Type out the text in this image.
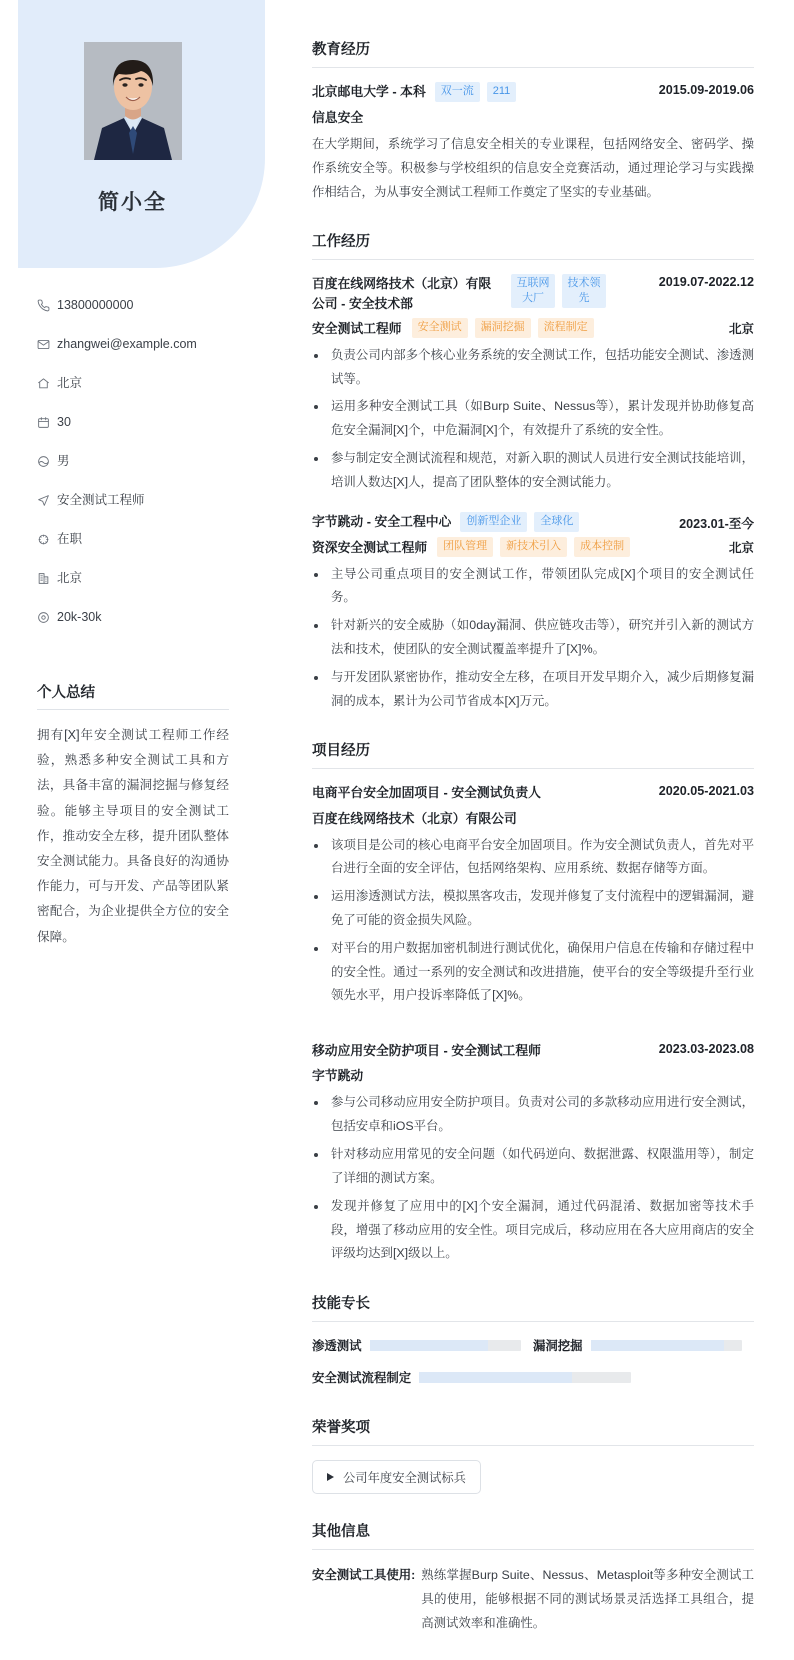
简小全
13800000000
zhangwei@example.com
北京
30
男
安全测试工程师
在职
北京
20k-30k
个人总结

拥有[X]年安全测试工程师工作经验，熟悉多种安全测试工具和方法，具备丰富的漏洞挖掘与修复经验。能够主导项目的安全测试工作，推动安全左移，提升团队整体安全测试能力。具备良好的沟通协作能力，可与开发、产品等团队紧密配合，为企业提供全方位的安全保障。

教育经历
北京邮电大学 - 本科	双一流	211	2015.09-2019.06
信息安全

在大学期间，系统学习了信息安全相关的专业课程，包括网络安全、密码学、操作系统安全等。积极参与学校组织的信息安全竞赛活动，通过理论学习与实践操作相结合，为从事安全测试工程师工作奠定了坚实的专业基础。

工作经历
百度在线网络技术（北京）有限公司 - 安全技术部
互联网大厂
技术领先
2019.07-2022.12
安全测试工程师	安全测试	漏洞挖掘	流程制定	北京
负责公司内部多个核心业务系统的安全测试工作，包括功能安全测试、渗透测试等。
运用多种安全测试工具（如Burp Suite、Nessus等），累计发现并协助修复高危安全漏洞[X]个，中危漏洞[X]个，有效提升了系统的安全性。
参与制定安全测试流程和规范，对新入职的测试人员进行安全测试技能培训，培训人数达[X]人，提高了团队整体的安全测试能力。
字节跳动 - 安全工程中心	创新型企业	全球化	2023.01-至今
资深安全测试工程师	团队管理	新技术引入	成本控制	北京
主导公司重点项目的安全测试工作，带领团队完成[X]个项目的安全测试任务。
针对新兴的安全威胁（如0day漏洞、供应链攻击等），研究并引入新的测试方法和技术，使团队的安全测试覆盖率提升了[X]%。
与开发团队紧密协作，推动安全左移，在项目开发早期介入，减少后期修复漏洞的成本，累计为公司节省成本[X]万元。
项目经历
电商平台安全加固项目 - 安全测试负责人	2020.05-2021.03
百度在线网络技术（北京）有限公司
该项目是公司的核心电商平台安全加固项目。作为安全测试负责人，首先对平台进行全面的安全评估，包括网络架构、应用系统、数据存储等方面。
运用渗透测试方法，模拟黑客攻击，发现并修复了支付流程中的逻辑漏洞，避免了可能的资金损失风险。
对平台的用户数据加密机制进行测试优化，确保用户信息在传输和存储过程中的安全性。通过一系列的安全测试和改进措施，使平台的安全等级提升至行业领先水平，用户投诉率降低了[X]%。
移动应用安全防护项目 - 安全测试工程师	2023.03-2023.08
字节跳动
参与公司移动应用安全防护项目。负责对公司的多款移动应用进行安全测试，包括安卓和iOS平台。
针对移动应用常见的安全问题（如代码逆向、数据泄露、权限滥用等），制定了详细的测试方案。
发现并修复了应用中的[X]个安全漏洞，通过代码混淆、数据加密等技术手段，增强了移动应用的安全性。项目完成后，移动应用在各大应用商店的安全评级均达到[X]级以上。
技能专长
渗透测试	漏洞挖掘
安全测试流程制定
荣誉奖项
公司年度安全测试标兵
其他信息
安全测试工具使用: 熟练掌握Burp Suite、Nessus、Metasploit等多种安全测试工具的使用，能够根据不同的测试场景灵活选择工具组合，提高测试效率和准确性。
